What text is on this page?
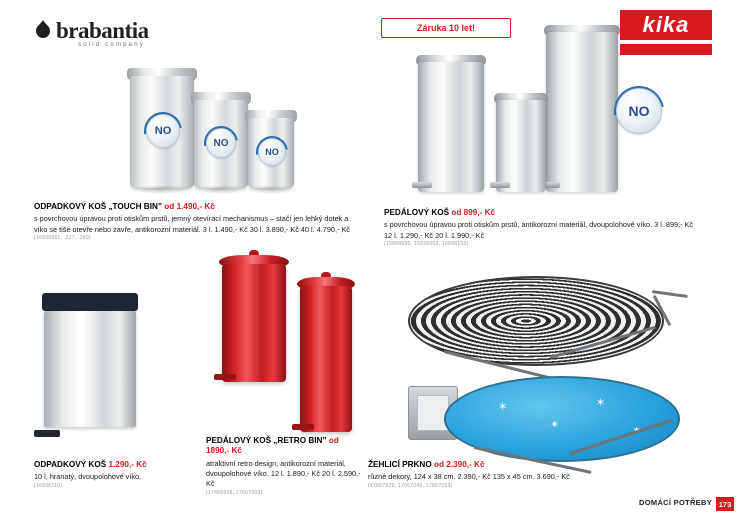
brabantia
solid company
Záruka 10 let!	kika
NO
NO
NO
NO
ODPADKOVÝ KOŠ „TOUCH BIN” od 1.490,- Kč
s povrchovou úpravou proti otiskům prstů, jemný otevírací mechanismus – stačí jen lehký dotek a víko se tiše otevře nebo zavře, antikorozní materiál. 3 l. 1.490,- Kč 30 l. 3.890,- Kč 40 l. 4.790,- Kč
(16936861, .227, .269)
PEDÁLOVÝ KOŠ od 899,- Kč
s povrchovou úpravou proti otiskům prstů, antikorozní materiál, dvoupolohové víko. 3 l. 899,- Kč 12 l. 1.290,- Kč 20 l. 1.990,- Kč
(15808699, 16936053, 16936152)
ODPADKOVÝ KOŠ 1.290,- Kč
10 l, hranatý, dvoupolohové víko.
(16936110)
PEDÁLOVÝ KOŠ „RETRO BIN” od 1890,- Kč
atraktivní retro design, antikorozní materiál, dvoupolohové víko. 12 l. 1.890,- Kč 20 l. 2.590,- Kč
(17666998, 17667003)
✶
✶
✶
ŽEHLICÍ PRKNO od 2.390,- Kč
různé dekory, 124 x 38 cm. 2.390,- Kč 135 x 45 cm. 3.690,- Kč
(17667829, 17667045, 17667053)
DOMÁCÍ POTŘEBY 173
